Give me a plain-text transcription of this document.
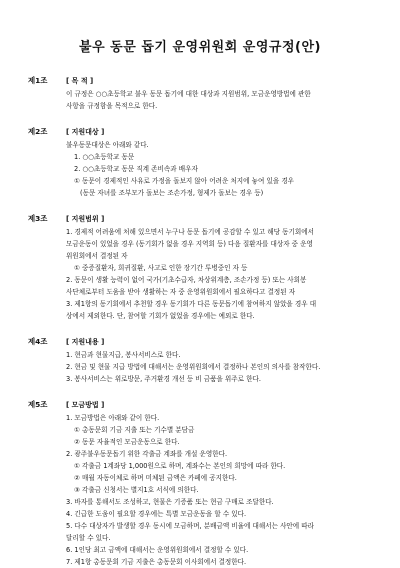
불우 동문 돕기 운영위원회 운영규정(안)
제1조	[ 목 적 ]
이 규정은 ○○초등학교 불우 동문 돕기에 대한 대상과 지원범위, 모금운영방법에 관한
사항을 규정함을 목적으로 한다.
제2조	[ 지원대상 ]
불우동문대상은 아래와 같다.
1. ○○초등학교 동문
2. ○○초등학교 동문 직계 존비속과 배우자
① 동문이 경제적인 사유로 가정을 돌보지 않아 어려운 처지에 놓여 있을 경우
(동문 자녀를 조부모가 돌보는 조손가정, 형제가 돌보는 경우 등)
제3조	[ 지원범위 ]
1. 경제적 어려움에 처해 있으면서 누구나 동문 돕기에 공감할 수 있고 해당 동기회에서
모금운동이 있었을 경우 (동기회가 없을 경우 지역회 등) 다음 질환자를 대상자 중 운영
위원회에서 결정된 자
① 중증질환자, 희귀질환, 사고로 인한 장기간 투병중인 자 등
2. 동문이 생활 능력이 없어 국가(기초수급자, 차상위계층, 조손가정 등) 또는 사회봉
사단체로부터 도움을 받아 생활하는 자 중 운영위원회에서 필요하다고 결정된 자
3. 제1항의 동기회에서 추천할 경우 동기회가 다른 동문돕기에 참여하지 않았을 경우 대
상에서 제외한다. 단, 참여할 기회가 없었을 경우에는 예외로 한다.
제4조	[ 지원내용 ]
1. 현금과 현물지급, 봉사서비스로 한다.
2. 현금 및 현물 지급 방법에 대해서는 운영위원회에서 결정하나 본인의 의사를 참작한다.
3. 봉사서비스는 위로방문, 주거환경 개선 등 비 금품을 위주로 한다.
제5조	[ 모금방법 ]
1. 모금방법은 아래와 같이 한다.
① 총동문회 기금 지출 또는 기수별 분담금
② 동문 자율적인 모금운동으로 한다.
2. 광주불우동문돕기 위한 각출금 계좌를 개설 운영한다.
① 각출금 1계좌당 1,000원으로 하며, 계좌수는 본인의 희망에 따라 한다.
② 매월 자동이체로 하며 미체된 금액은 카페에 공지한다.
③ 각출금 신청서는 별지1호 서식에 의한다.
3. 바자를 통해서도 조성하고, 현물은 기증품 또는 현금 구매로 조달한다.
4. 긴급한 도움이 필요할 경우에는 특별 모금운동을 할 수 있다.
5. 다수 대상자가 발생할 경우 동시에 모금하며, 분배금액 비율에 대해서는 사안에 따라
달리할 수 있다.
6. 1인당 최고 금액에 대해서는 운영위원회에서 결정할 수 있다.
7. 제1항 총동문회 기금 지출은 총동문회 이사회에서 결정한다.
